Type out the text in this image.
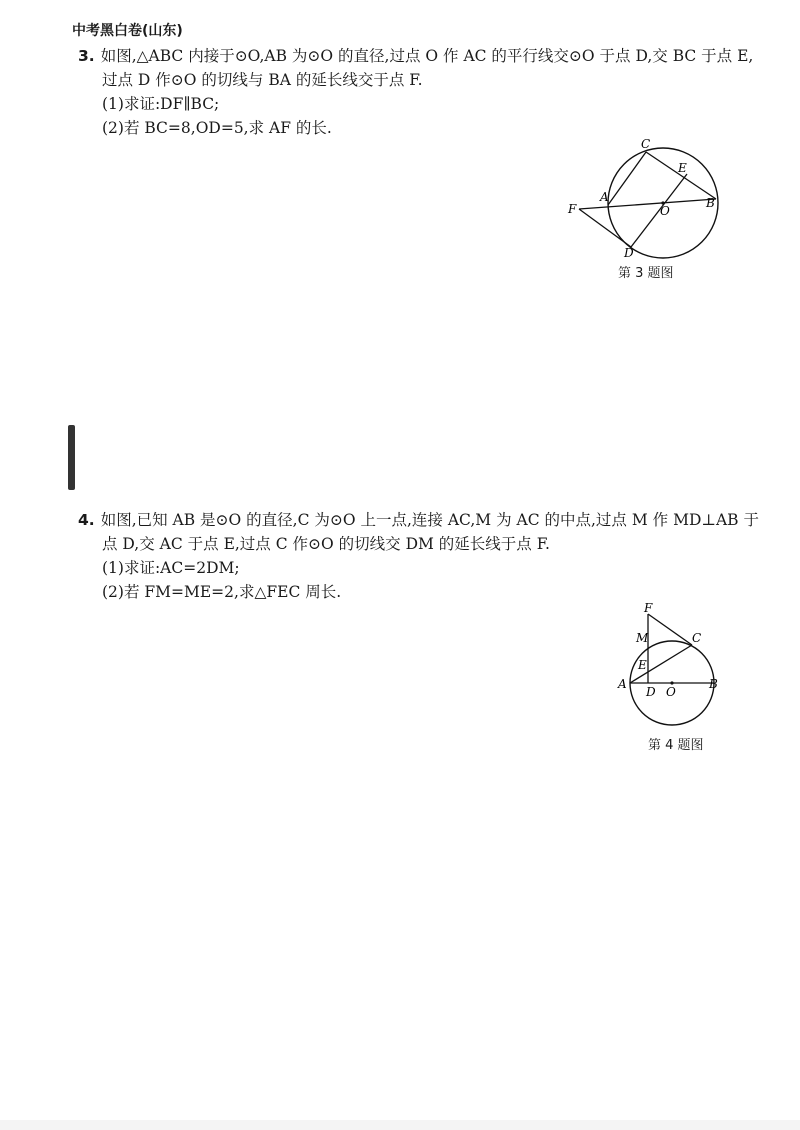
中考黑白卷(山东)
3. 如图,△ABC 内接于⊙O,AB 为⊙O 的直径,过点 O 作 AC 的平行线交⊙O 于点 D,交 BC 于点 E,
过点 D 作⊙O 的切线与 BA 的延长线交于点 F.
(1)求证:DF∥BC;
(2)若 BC=8,OD=5,求 AF 的长.
C
E
A
O
B
F
D
第 3 题图
4. 如图,已知 AB 是⊙O 的直径,C 为⊙O 上一点,连接 AC,M 为 AC 的中点,过点 M 作 MD⊥AB 于
点 D,交 AC 于点 E,过点 C 作⊙O 的切线交 DM 的延长线于点 F.
(1)求证:AC=2DM;
(2)若 FM=ME=2,求△FEC 周长.
F
M	C
E
A
D O
B
第 4 题图
